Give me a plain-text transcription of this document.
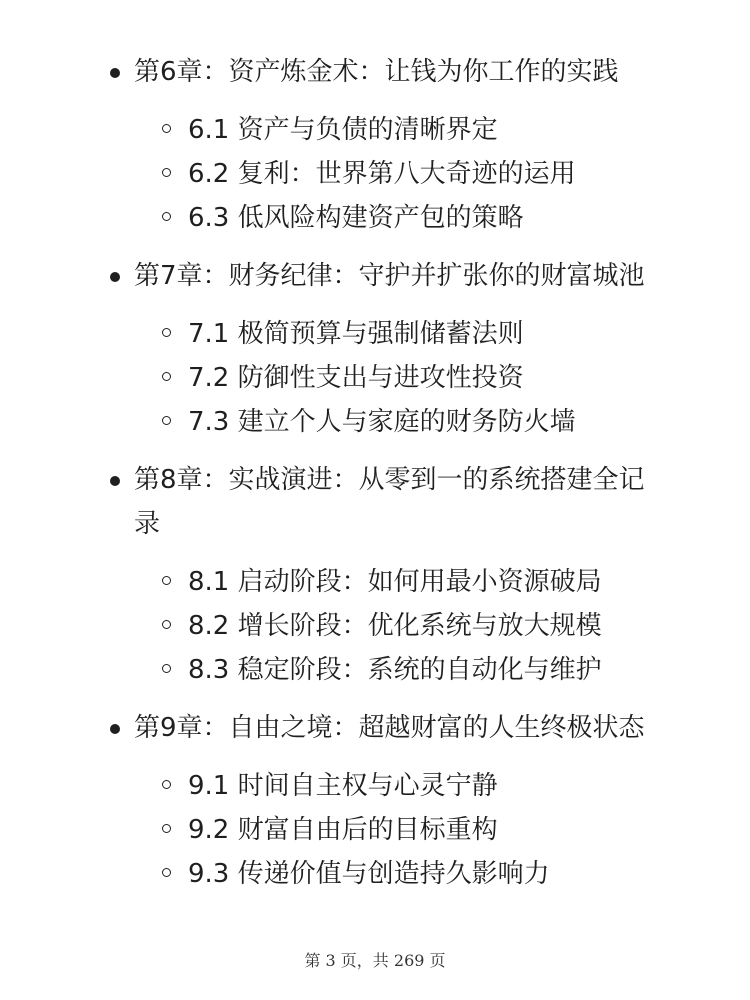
第6章：资产炼金术：让钱为你工作的实践
6.1 资产与负债的清晰界定
6.2 复利：世界第八大奇迹的运用
6.3 低风险构建资产包的策略
第7章：财务纪律：守护并扩张你的财富城池
7.1 极简预算与强制储蓄法则
7.2 防御性支出与进攻性投资
7.3 建立个人与家庭的财务防火墙
第8章：实战演进：从零到一的系统搭建全记录
8.1 启动阶段：如何用最小资源破局
8.2 增长阶段：优化系统与放大规模
8.3 稳定阶段：系统的自动化与维护
第9章：自由之境：超越财富的人生终极状态
9.1 时间自主权与心灵宁静
9.2 财富自由后的目标重构
9.3 传递价值与创造持久影响力
第 3 页，共 269 页
